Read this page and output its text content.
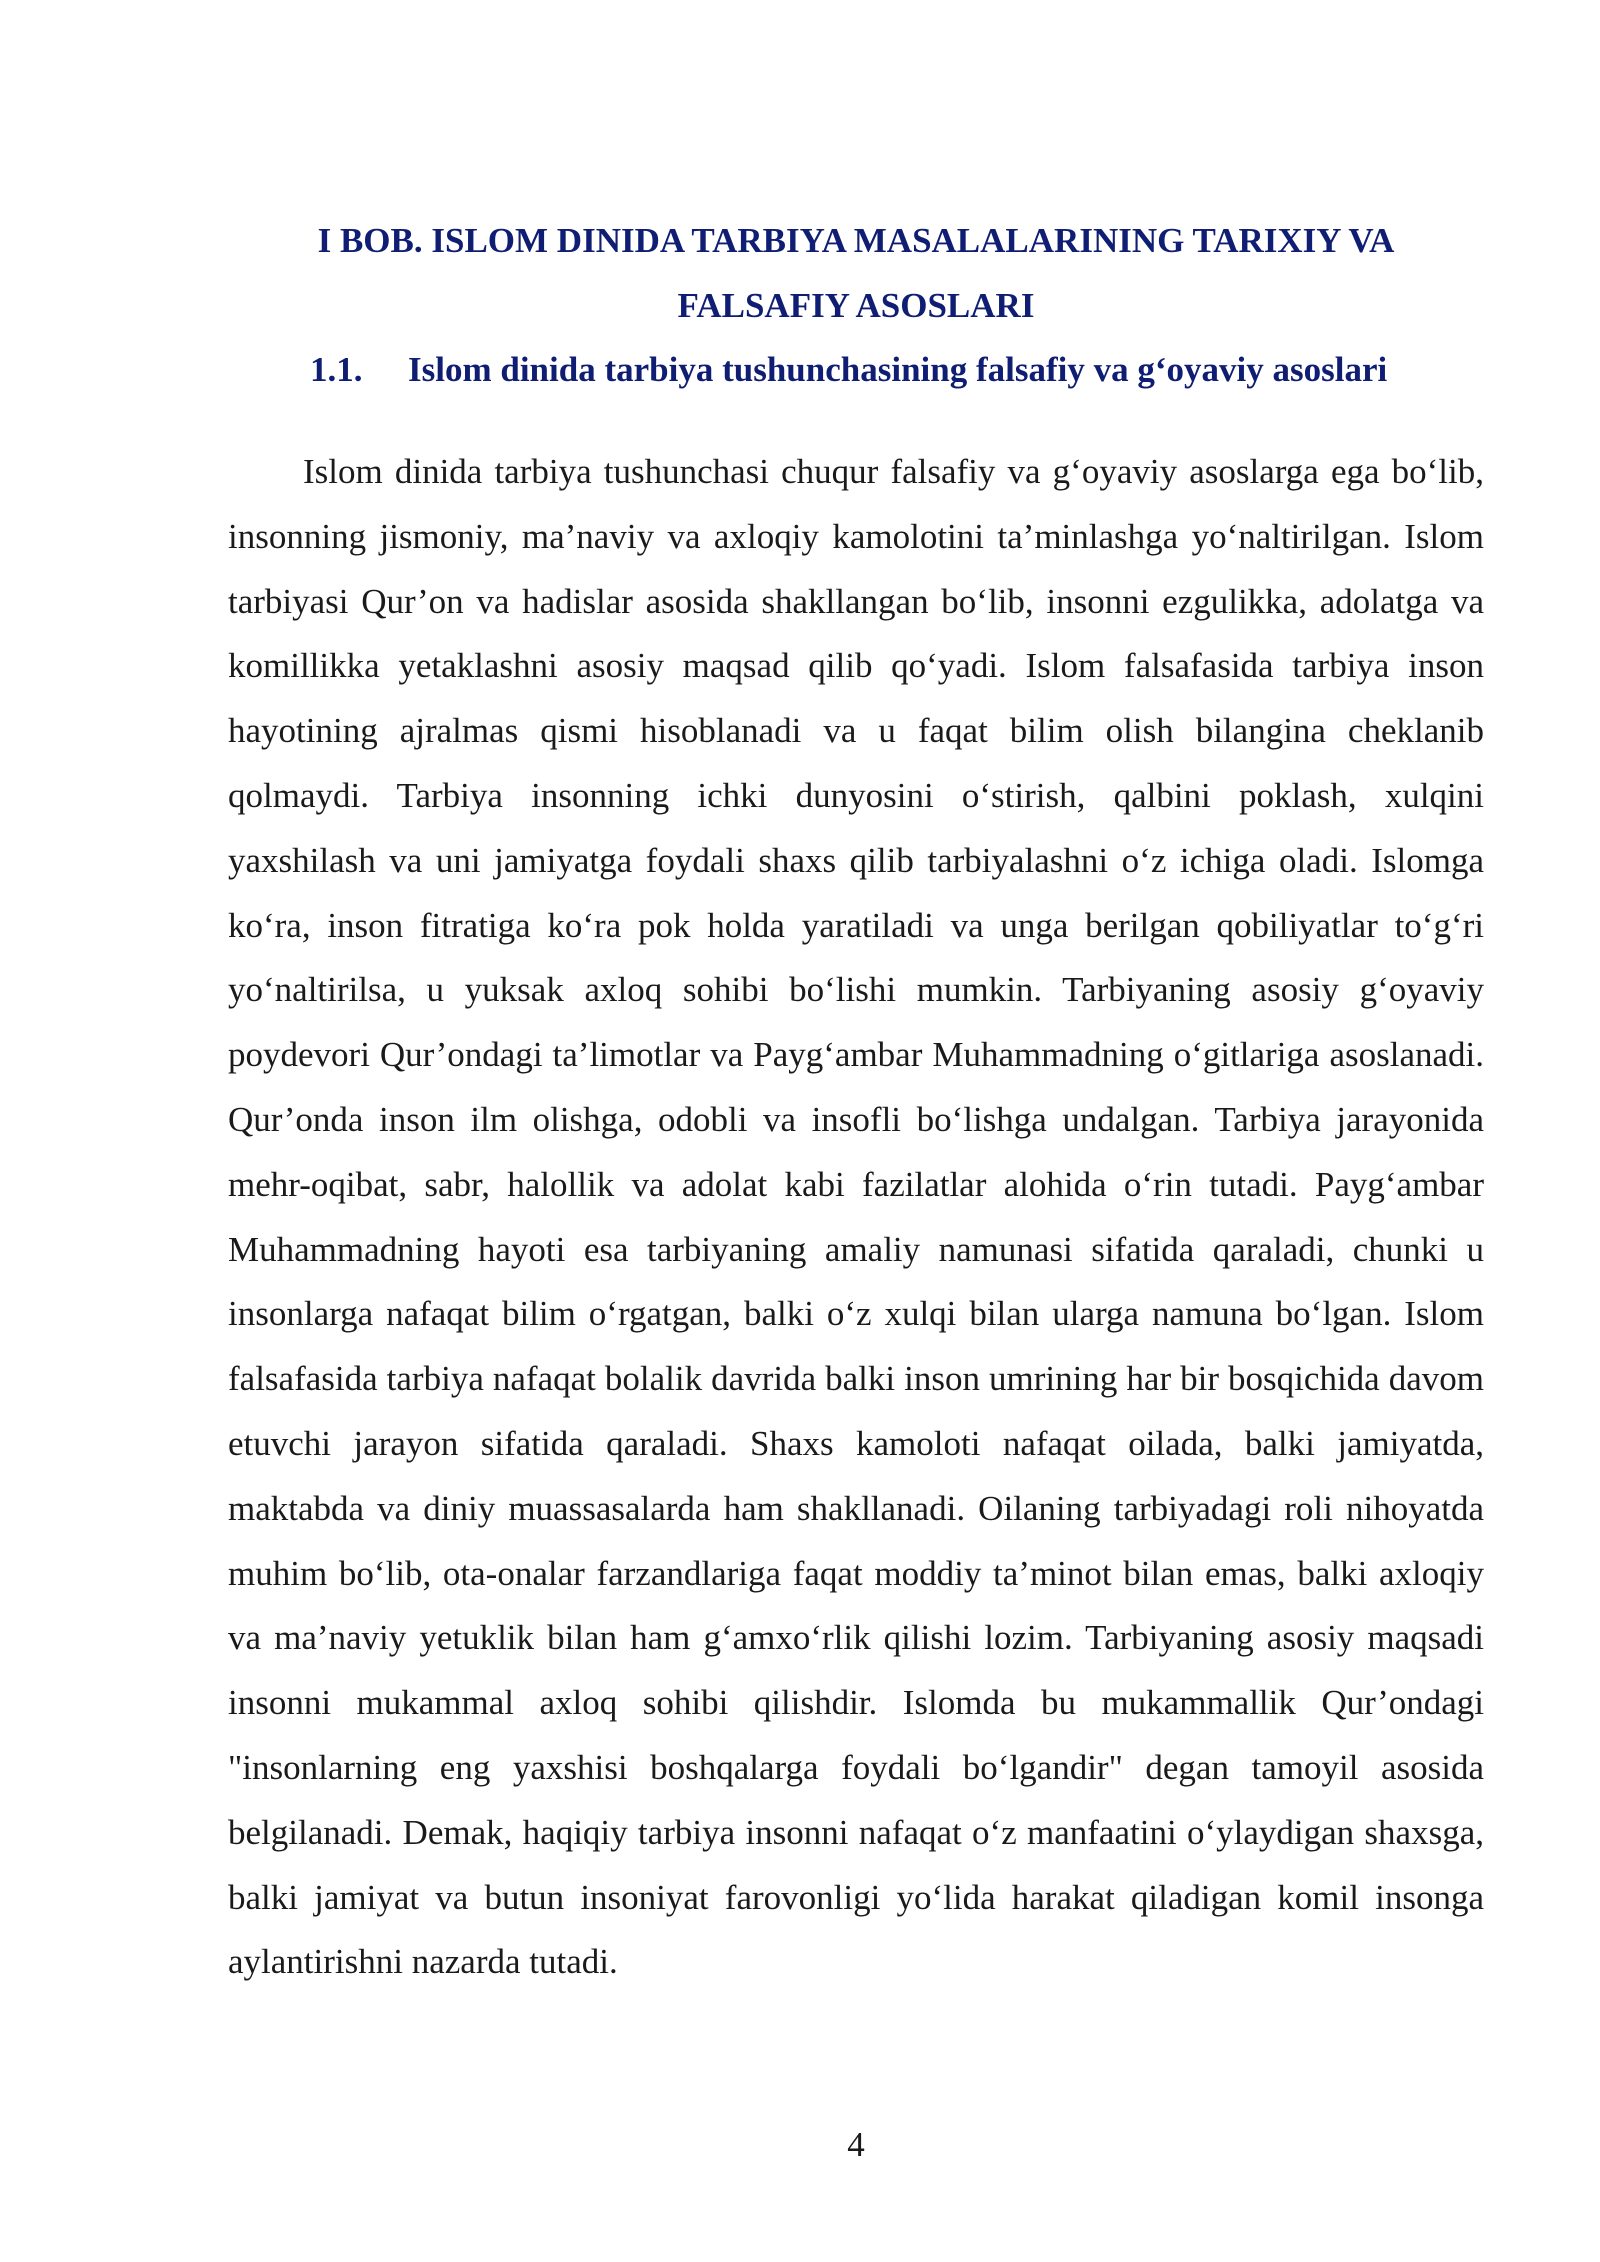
I BOB. ISLOM DINIDA TARBIYA MASALALARINING TARIXIY VA FALSAFIY ASOSLARI
1.1. Islom dinida tarbiya tushunchasining falsafiy va g‘oyaviy asoslari

Islom dinida tarbiya tushunchasi chuqur falsafiy va g‘oyaviy asoslarga ega bo‘lib, insonning jismoniy, ma’naviy va axloqiy kamolotini ta’minlashga yo‘naltirilgan. Islom tarbiyasi Qur’on va hadislar asosida shakllangan bo‘lib, insonni ezgulikka, adolatga va komillikka yetaklashni asosiy maqsad qilib qo‘yadi. Islom falsafasida tarbiya inson hayotining ajralmas qismi hisoblanadi va u faqat bilim olish bilangina cheklanib qolmaydi. Tarbiya insonning ichki dunyosini o‘stirish, qalbini poklash, xulqini yaxshilash va uni jamiyatga foydali shaxs qilib tarbiyalashni o‘z ichiga oladi. Islomga ko‘ra, inson fitratiga ko‘ra pok holda yaratiladi va unga berilgan qobiliyatlar to‘g‘ri yo‘naltirilsa, u yuksak axloq sohibi bo‘lishi mumkin. Tarbiyaning asosiy g‘oyaviy poydevori Qur’ondagi ta’limotlar va Payg‘ambar Muhammadning o‘gitlariga asoslanadi. Qur’onda inson ilm olishga, odobli va insofli bo‘lishga undalgan. Tarbiya jarayonida mehr-oqibat, sabr, halollik va adolat kabi fazilatlar alohida o‘rin tutadi. Payg‘ambar Muhammadning hayoti esa tarbiyaning amaliy namunasi sifatida qaraladi, chunki u insonlarga nafaqat bilim o‘rgatgan, balki o‘z xulqi bilan ularga namuna bo‘lgan. Islom falsafasida tarbiya nafaqat bolalik davrida balki inson umrining har bir bosqichida davom etuvchi jarayon sifatida qaraladi. Shaxs kamoloti nafaqat oilada, balki jamiyatda, maktabda va diniy muassasalarda ham shakllanadi. Oilaning tarbiyadagi roli nihoyatda muhim bo‘lib, ota-onalar farzandlariga faqat moddiy ta’minot bilan emas, balki axloqiy va ma’naviy yetuklik bilan ham g‘amxo‘rlik qilishi lozim. Tarbiyaning asosiy maqsadi insonni mukammal axloq sohibi qilishdir. Islomda bu mukammallik Qur’ondagi "insonlarning eng yaxshisi boshqalarga foydali bo‘lgandir" degan tamoyil asosida belgilanadi. Demak, haqiqiy tarbiya insonni nafaqat o‘z manfaatini o‘ylaydigan shaxsga, balki jamiyat va butun insoniyat farovonligi yo‘lida harakat qiladigan komil insonga aylantirishni nazarda tutadi.

4
